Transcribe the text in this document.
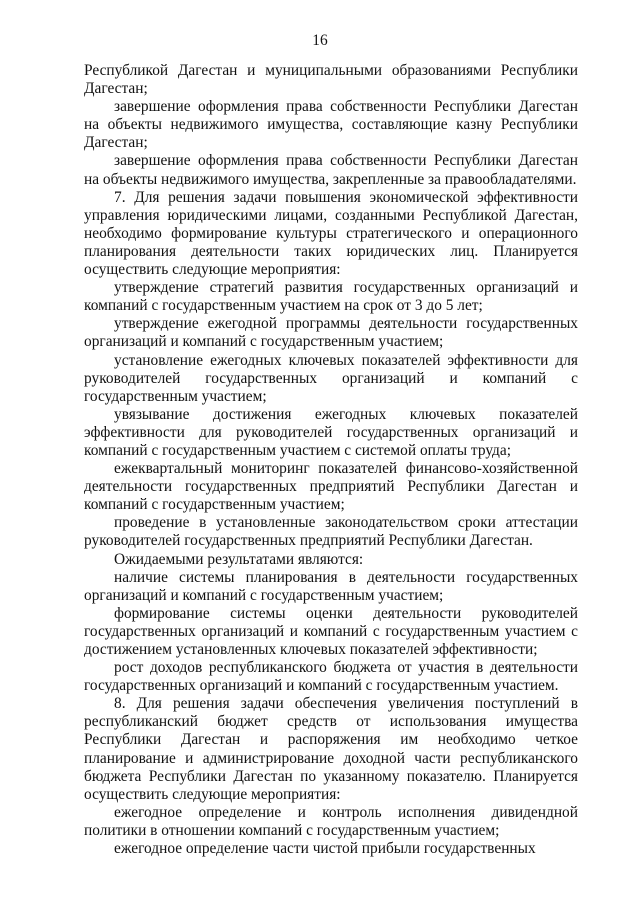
16

Республикой Дагестан и муниципальными образованиями Республики Дагестан;

завершение оформления права собственности Республики Дагестан на объекты недвижимого имущества, составляющие казну Республики Дагестан;

завершение оформления права собственности Республики Дагестан на объекты недвижимого имущества, закрепленные за правообладателями.

7. Для решения задачи повышения экономической эффективности управления юридическими лицами, созданными Республикой Дагестан, необходимо формирование культуры стратегического и операционного планирования деятельности таких юридических лиц. Планируется осуществить следующие мероприятия:

утверждение стратегий развития государственных организаций и компаний с государственным участием на срок от 3 до 5 лет;

утверждение ежегодной программы деятельности государственных организаций и компаний с государственным участием;

установление ежегодных ключевых показателей эффективности для руководителей государственных организаций и компаний с государственным участием;

увязывание достижения ежегодных ключевых показателей эффективности для руководителей государственных организаций и компаний с государственным участием с системой оплаты труда;

ежеквартальный мониторинг показателей финансово-хозяйственной деятельности государственных предприятий Республики Дагестан и компаний с государственным участием;

проведение в установленные законодательством сроки аттестации руководителей государственных предприятий Республики Дагестан.

Ожидаемыми результатами являются:

наличие системы планирования в деятельности государственных организаций и компаний с государственным участием;

формирование системы оценки деятельности руководителей государственных организаций и компаний с государственным участием с достижением установленных ключевых показателей эффективности;

рост доходов республиканского бюджета от участия в деятельности государственных организаций и компаний с государственным участием.

8. Для решения задачи обеспечения увеличения поступлений в республиканский бюджет средств от использования имущества Республики Дагестан и распоряжения им необходимо четкое планирование и администрирование доходной части республиканского бюджета Республики Дагестан по указанному показателю. Планируется осуществить следующие мероприятия:

ежегодное определение и контроль исполнения дивидендной политики в отношении компаний с государственным участием;

ежегодное определение части чистой прибыли государственных
